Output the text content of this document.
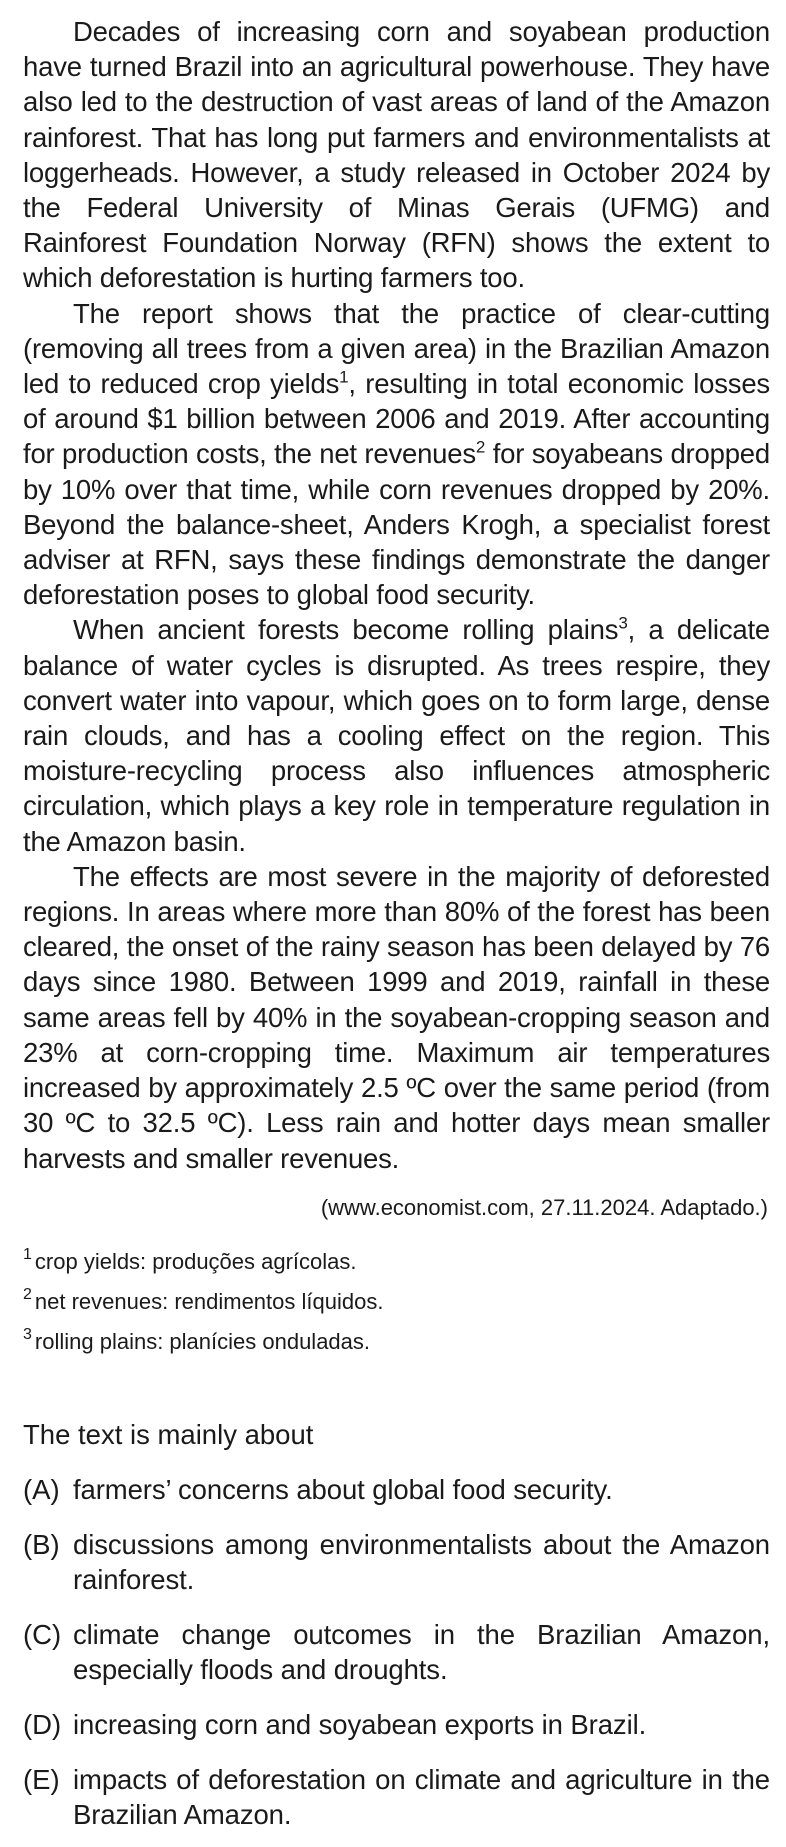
Decades of increasing corn and soyabean production have turned Brazil into an agricultural powerhouse. They have also led to the destruction of vast areas of land of the Amazon rainforest. That has long put farmers and environmentalists at loggerheads. However, a study released in October 2024 by the Federal University of Minas Gerais (UFMG) and Rainforest Foundation Norway (RFN) shows the extent to which deforestation is hurting farmers too.

The report shows that the practice of clear-cutting (removing all trees from a given area) in the Brazilian Amazon led to reduced crop yields$^1$, resulting in total economic losses of around $1 billion between 2006 and 2019. After accounting for production costs, the net revenues$^2$ for soyabeans dropped by 10% over that time, while corn revenues dropped by 20%. Beyond the balance-sheet, Anders Krogh, a specialist forest adviser at RFN, says these findings demonstrate the danger deforestation poses to global food security.

When ancient forests become rolling plains$^3$, a delicate balance of water cycles is disrupted. As trees respire, they convert water into vapour, which goes on to form large, dense rain clouds, and has a cooling effect on the region. This moisture-recycling process also influences atmospheric circulation, which plays a key role in temperature regulation in the Amazon basin.

The effects are most severe in the majority of deforested regions. In areas where more than 80% of the forest has been cleared, the onset of the rainy season has been delayed by 76 days since 1980. Between 1999 and 2019, rainfall in these same areas fell by 40% in the soyabean-cropping season and 23% at corn-cropping time. Maximum air temperatures increased by approximately 2.5 ºC over the same period (from 30 ºC to 32.5 ºC). Less rain and hotter days mean smaller harvests and smaller revenues.

(www.economist.com, 27.11.2024. Adaptado.)
$^1$ crop yields: produções agrícolas.
$^2$ net revenues: rendimentos líquidos.
$^3$ rolling plains: planícies onduladas.
The text is mainly about
(A) farmers’ concerns about global food security.
(B) discussions among environmentalists about the Amazon rainforest.
(C) climate change outcomes in the Brazilian Amazon, especially floods and droughts.
(D) increasing corn and soyabean exports in Brazil.
(E) impacts of deforestation on climate and agriculture in the Brazilian Amazon.
